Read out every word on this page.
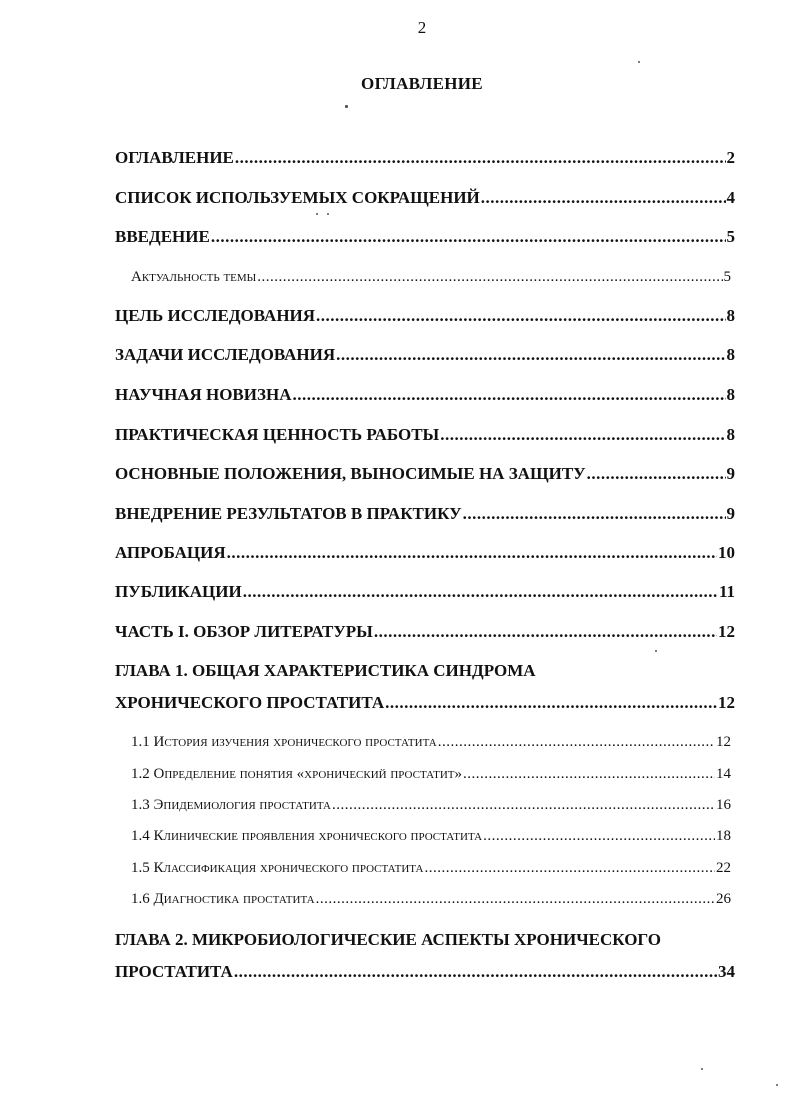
2
ОГЛАВЛЕНИЕ
ОГЛАВЛЕНИЕ .....	2
СПИСОК ИСПОЛЬЗУЕМЫХ СОКРАЩЕНИЙ .....	4
ВВЕДЕНИЕ .....	5
Актуальность темы .....	5
ЦЕЛЬ ИССЛЕДОВАНИЯ .....	8
ЗАДАЧИ ИССЛЕДОВАНИЯ .....	8
НАУЧНАЯ НОВИЗНА .....	8
ПРАКТИЧЕСКАЯ ЦЕННОСТЬ РАБОТЫ .....	8
ОСНОВНЫЕ ПОЛОЖЕНИЯ, ВЫНОСИМЫЕ НА ЗАЩИТУ .....	9
ВНЕДРЕНИЕ РЕЗУЛЬТАТОВ В ПРАКТИКУ .....	9
АПРОБАЦИЯ .....	10
ПУБЛИКАЦИИ .....	11
ЧАСТЬ I. ОБЗОР ЛИТЕРАТУРЫ .....	12
ГЛАВА 1. ОБЩАЯ ХАРАКТЕРИСТИКА СИНДРОМА
ХРОНИЧЕСКОГО ПРОСТАТИТА .....	12
1.1 История изучения хронического простатита .....	12
1.2 Определение понятия «хронический простатит» .....	14
1.3 Эпидемиология простатита .....	16
1.4 Клинические проявления хронического простатита .....	18
1.5 Классификация хронического простатита .....	22
1.6 Диагностика простатита .....	26
ГЛАВА 2. МИКРОБИОЛОГИЧЕСКИЕ АСПЕКТЫ ХРОНИЧЕСКОГО
ПРОСТАТИТА .....	34
